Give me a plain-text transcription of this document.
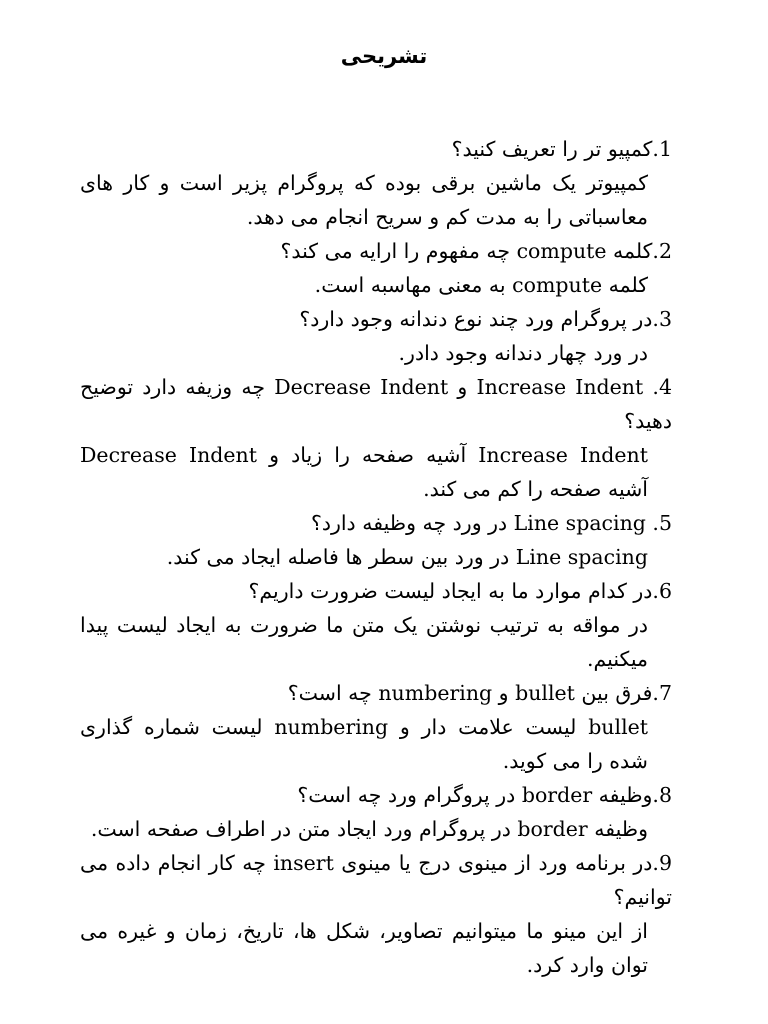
تشریحی

1.کمپیو تر را تعریف کنید؟

کمپیوتر یک ماشین برقی بوده که پروگرام پزیر است و کار های معاسباتی را به مدت کم و سریح انجام می دهد.

2.کلمه compute چه مفهوم را ارایه می کند؟

کلمه compute به معنی مهاسبه است.

3.در پروگرام ورد چند نوع دندانه وجود دارد؟

در ورد چهار دندانه وجود دادر.

4. Increase Indent و Decrease Indent چه وزیفه دارد توضیح دهید؟

Increase Indent آشیه صفحه را زیاد و Decrease Indent آشیه صفحه را کم می کند.

5. Line spacing در ورد چه وظیفه دارد؟

Line spacing در ورد بین سطر ها فاصله ایجاد می کند.

6.در کدام موارد ما به ایجاد لیست ضرورت داریم؟

در مواقه به ترتیب نوشتن یک متن ما ضرورت به ایجاد لیست پیدا میکنیم.

7.فرق بین bullet و numbering چه است؟

bullet لیست علامت دار و numbering لیست شماره گذاری شده را می کوید.

8.وظیفه border در پروگرام ورد چه است؟

وظیفه border در پروگرام ورد ایجاد متن در اطراف صفحه است.

9.در برنامه ورد از مینوی درج یا مینوی insert چه کار انجام داده می توانیم؟

از این مینو ما میتوانیم تصاویر، شکل ها، تاریخ، زمان و غیره می توان وارد کرد.
